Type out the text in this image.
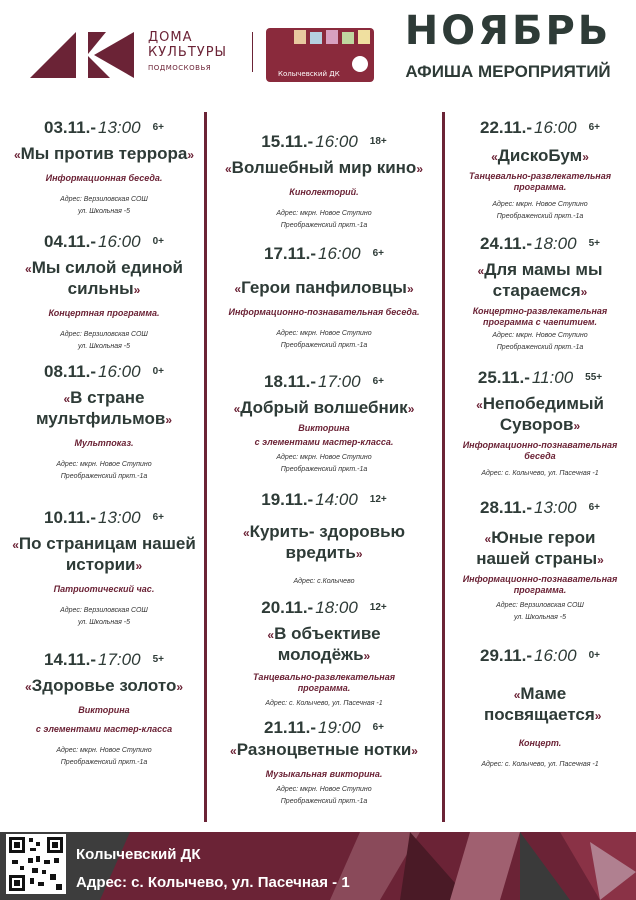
ДОМА
КУЛЬТУРЫ
ПОДМОСКОВЬЯ
Колычевский ДК
НОЯБРЬ
АФИША МЕРОПРИЯТИЙ
03.11.- 13:00 6+
«Мы против террора»
Информационная беседа.
Адрес: Верзиловская СОШ
ул. Школьная -5
04.11.- 16:00 0+
«Мы силой единой сильны»
Концертная программа.
Адрес: Верзиловская СОШ
ул. Школьная -5
08.11.- 16:00 0+
«В стране мультфильмов»
Мультпоказ.
Адрес: мкрн. Новое Ступино
Преображенский пркт.-1а
10.11.- 13:00 6+
«По страницам нашей истории»
Патриотический час.
Адрес: Верзиловская СОШ
ул. Школьная -5
14.11.- 17:00 5+
«Здоровье золото»
Викторина
с элементами мастер-класса
Адрес: мкрн. Новое Ступино
Преображенский пркт.-1а
15.11.- 16:00 18+
«Волшебный мир кино»
Кинолекторий.
Адрес: мкрн. Новое Ступино
Преображенский пркт.-1а
17.11.- 16:00 6+
«Герои панфиловцы»
Информационно-познавательная беседа.
Адрес: мкрн. Новое Ступино
Преображенский пркт.-1а
18.11.- 17:00 6+
«Добрый волшебник»
Викторина
с элементами мастер-класса.
Адрес: мкрн. Новое Ступино
Преображенский пркт.-1а
19.11.- 14:00 12+
«Курить- здоровью вредить»
Адрес: с.Колычево
20.11.- 18:00 12+
«В объективе молодёжь»
Танцевально-развлекательная
программа.
Адрес: с. Колычево, ул. Пасечная -1
21.11.- 19:00 6+
«Разноцветные нотки»
Музыкальная викторина.
Адрес: мкрн. Новое Ступино
Преображенский пркт.-1а
22.11.- 16:00 6+
«ДискоБум»
Танцевально-развлекательная
программа.
Адрес: мкрн. Новое Ступино
Преображенский пркт.-1а
24.11.- 18:00 5+
«Для мамы мы стараемся»
Концертно-развлекательная
программа с чаепитием.
Адрес: мкрн. Новое Ступино
Преображенский пркт.-1а
25.11.- 11:00 55+
«Непобедимый Суворов»
Информационно-познавательная
беседа
Адрес: с. Колычево, ул. Пасечная -1
28.11.- 13:00 6+
«Юные герои нашей страны»
Информационно-познавательная
программа.
Адрес: Верзиловская СОШ
ул. Школьная -5
29.11.- 16:00 0+
«Маме посвящается»
Концерт.
Адрес: с. Колычево, ул. Пасечная -1
Колычевский ДК
Адрес: с. Колычево, ул. Пасечная - 1
